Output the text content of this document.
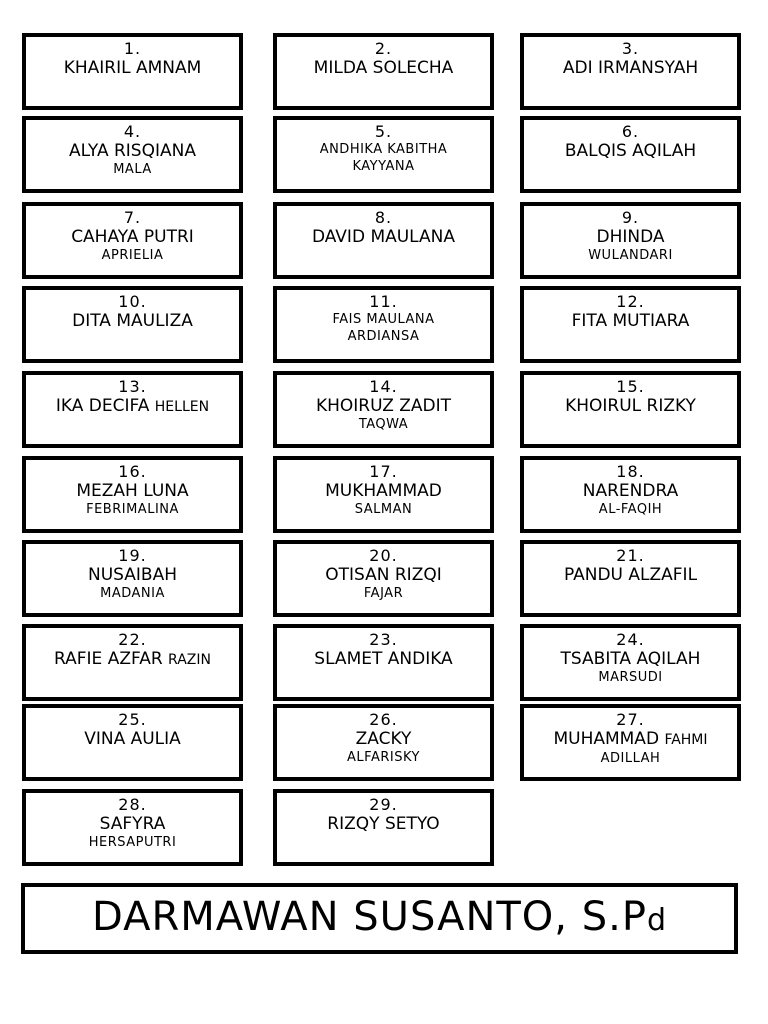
1.
KHAIRIL AMNAM
2.
MILDA SOLECHA
3.
ADI IRMANSYAH
4.
ALYA RISQIANA
MALA
5.
ANDHIKA KABITHA
KAYYANA
6.
BALQIS AQILAH
7.
CAHAYA PUTRI
APRIELIA
8.
DAVID MAULANA
9.
DHINDA
WULANDARI
10.
DITA MAULIZA
11.
FAIS MAULANA
ARDIANSA
12.
FITA MUTIARA
13.
IKA DECIFA HELLEN
14.
KHOIRUZ ZADIT
TAQWA
15.
KHOIRUL RIZKY
16.
MEZAH LUNA
FEBRIMALINA
17.
MUKHAMMAD
SALMAN
18.
NARENDRA
AL-FAQIH
19.
NUSAIBAH
MADANIA
20.
OTISAN RIZQI
FAJAR
21.
PANDU ALZAFIL
22.
RAFIE AZFAR RAZIN
23.
SLAMET ANDIKA
24.
TSABITA AQILAH
MARSUDI
25.
VINA AULIA
26.
ZACKY
ALFARISKY
27.
MUHAMMAD FAHMI
ADILLAH
28.
SAFYRA
HERSAPUTRI
29.
RIZQY SETYO
DARMAWAN SUSANTO, S.Pd
